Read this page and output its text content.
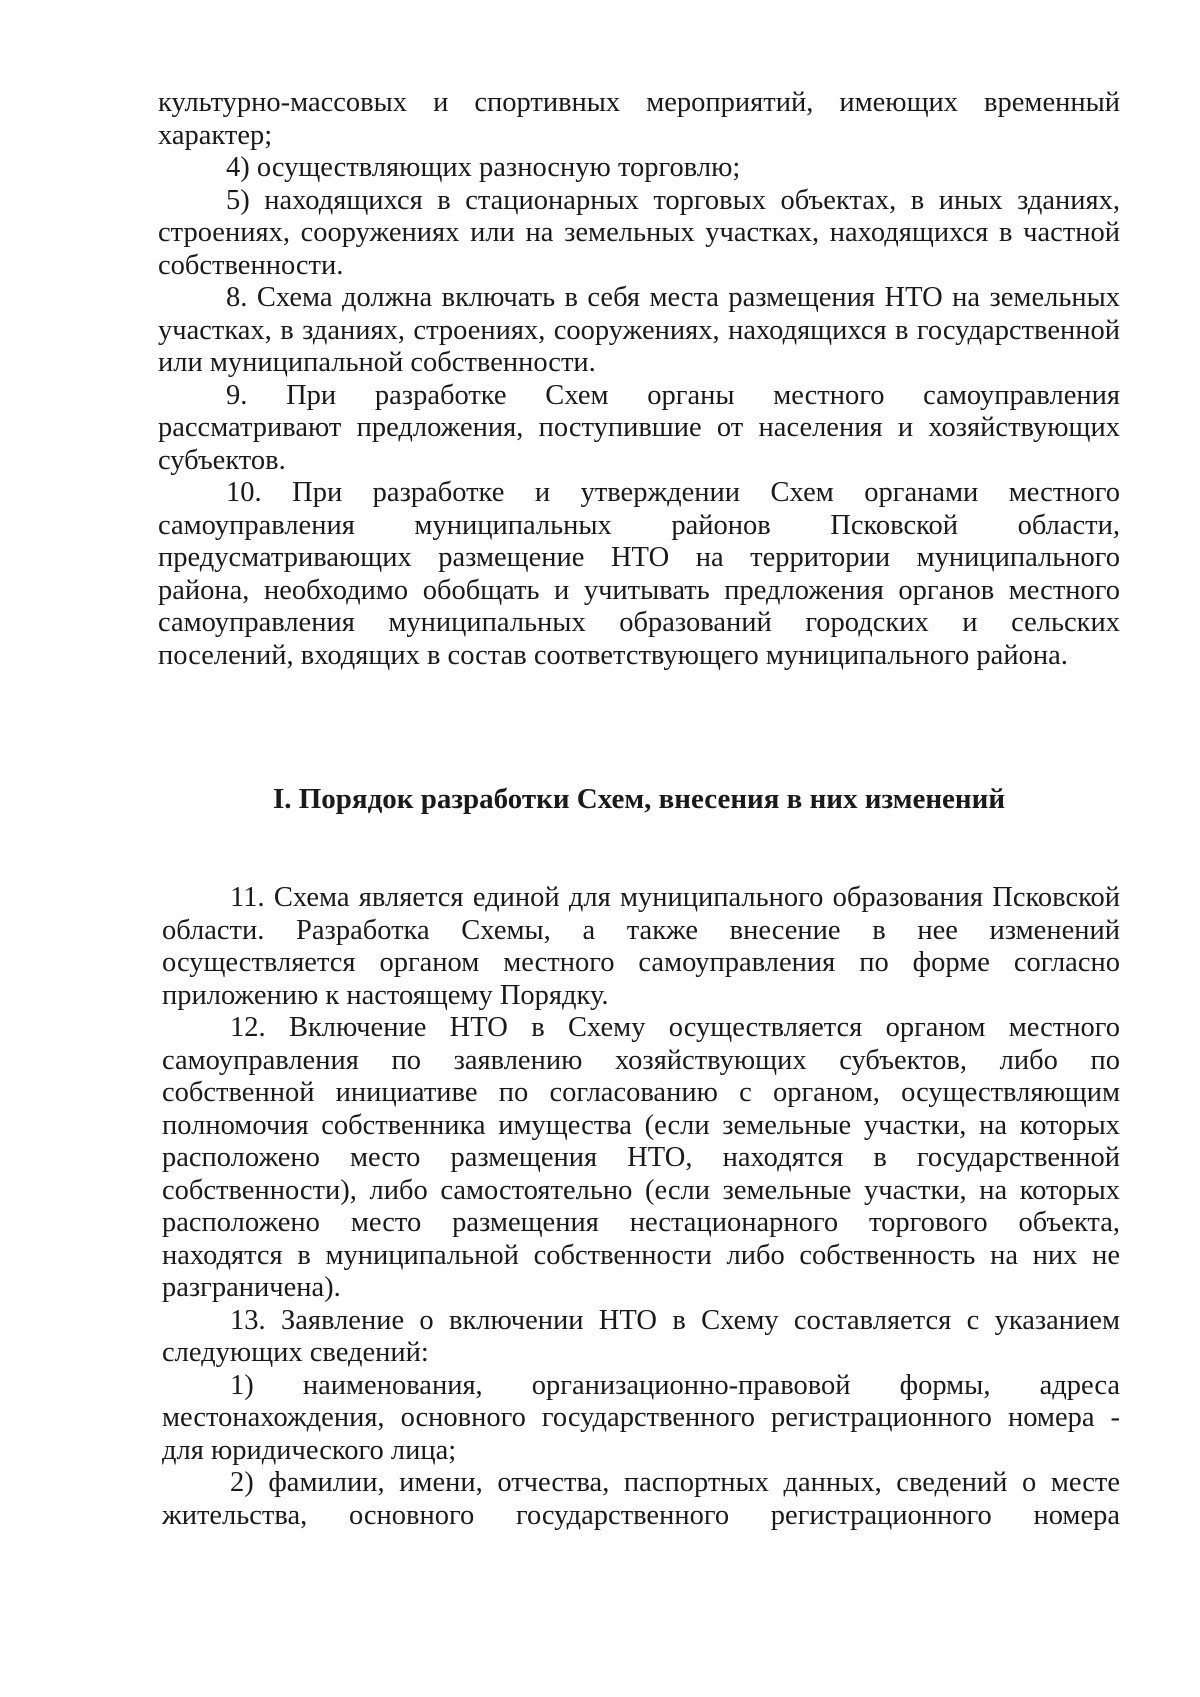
культурно-массовых и спортивных мероприятий, имеющих временный характер;

4) осуществляющих разносную торговлю;

5) находящихся в стационарных торговых объектах, в иных зданиях, строениях, сооружениях или на земельных участках, находящихся в частной собственности.

8. Схема должна включать в себя места размещения НТО на земельных участках, в зданиях, строениях, сооружениях, находящихся в государственной или муниципальной собственности.

9. При разработке Схем органы местного самоуправления рассматривают предложения, поступившие от населения и хозяйствующих субъектов.

10. При разработке и утверждении Схем органами местного самоуправления муниципальных районов Псковской области, предусматривающих размещение НТО на территории муниципального района, необходимо обобщать и учитывать предложения органов местного самоуправления муниципальных образований городских и сельских поселений, входящих в состав соответствующего муниципального района.

I. Порядок разработки Схем, внесения в них изменений

11. Схема является единой для муниципального образования Псковской области. Разработка Схемы, а также внесение в нее изменений осуществляется органом местного самоуправления по форме согласно приложению к настоящему Порядку.

12. Включение НТО в Схему осуществляется органом местного самоуправления по заявлению хозяйствующих субъектов, либо по собственной инициативе по согласованию с органом, осуществляющим полномочия собственника имущества (если земельные участки, на которых расположено место размещения НТО, находятся в государственной собственности), либо самостоятельно (если земельные участки, на которых расположено место размещения нестационарного торгового объекта, находятся в муниципальной собственности либо собственность на них не разграничена).

13. Заявление о включении НТО в Схему составляется с указанием следующих сведений:

1) наименования, организационно-правовой формы, адреса местонахождения, основного государственного регистрационного номера - для юридического лица;

2) фамилии, имени, отчества, паспортных данных, сведений о месте жительства, основного государственного регистрационного номера
